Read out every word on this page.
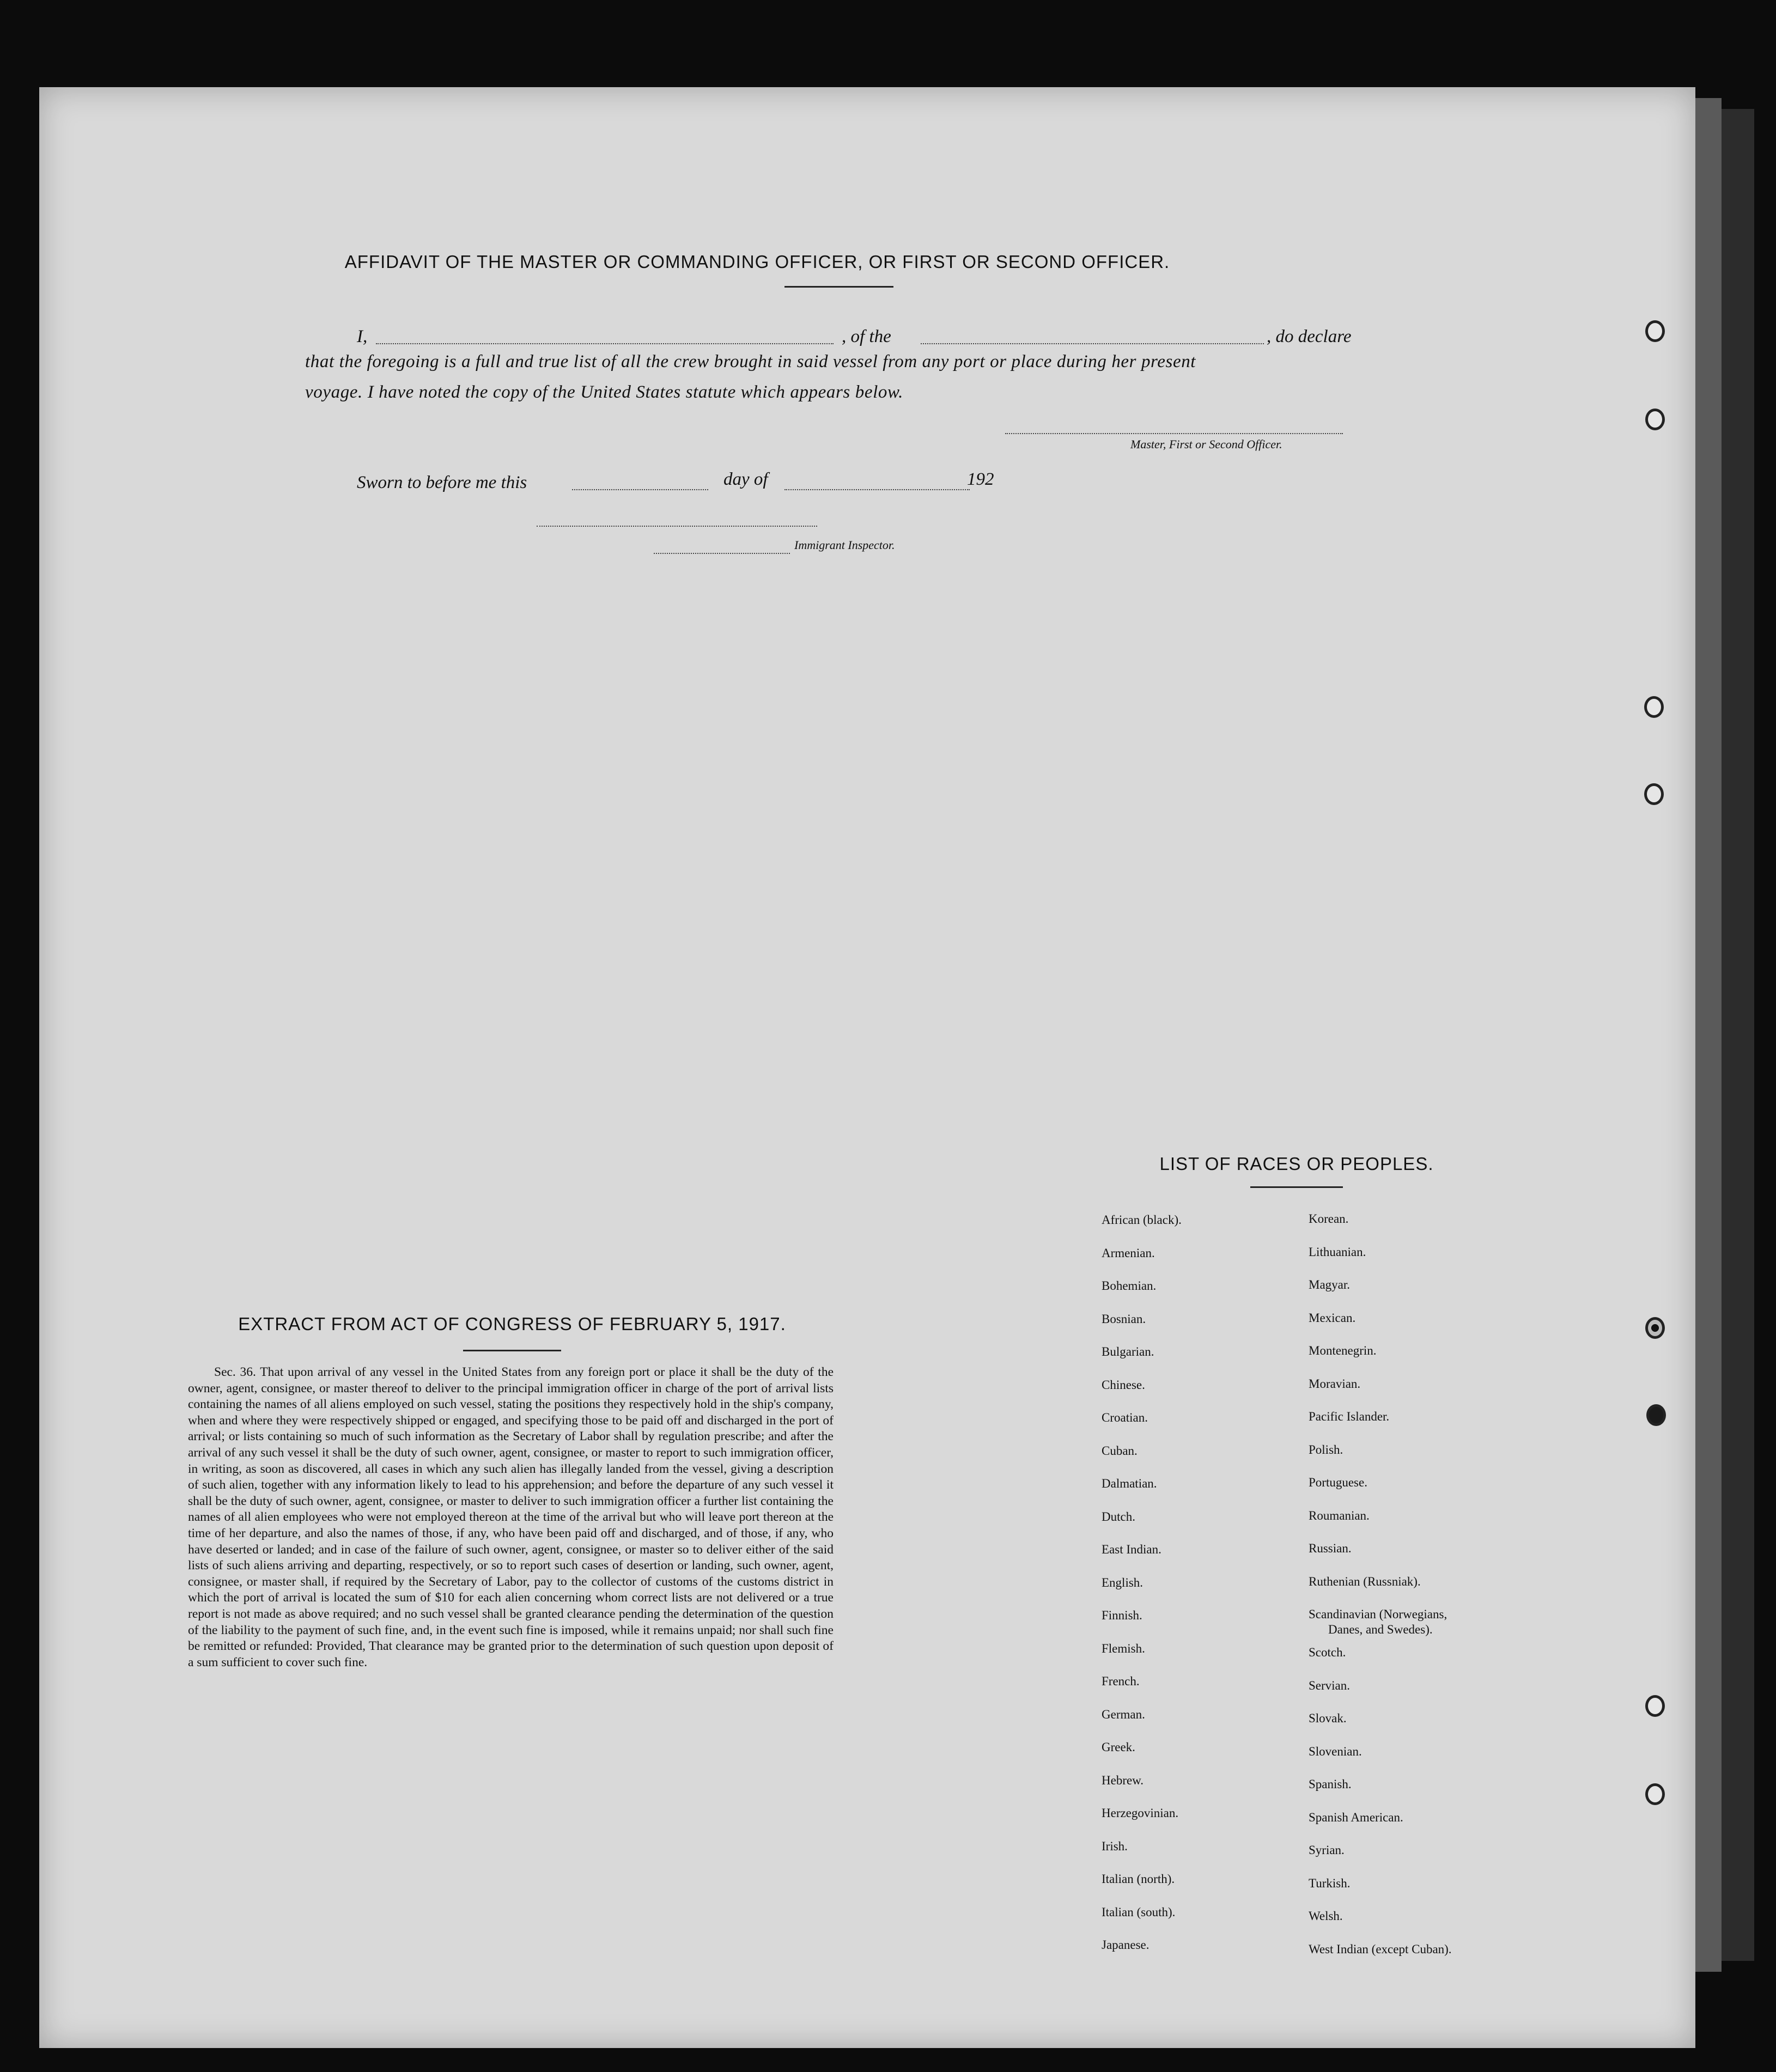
AFFIDAVIT OF THE MASTER OR COMMANDING OFFICER, OR FIRST OR SECOND OFFICER.
I,	, of the	, do declare
that the foregoing is a full and true list of all the crew brought in said vessel from any port or place during her present
voyage. I have noted the copy of the United States statute which appears below.
Master, First or Second Officer.
Sworn to before me this	day of	192
Immigrant Inspector.
EXTRACT FROM ACT OF CONGRESS OF FEBRUARY 5, 1917.

Sec. 36. That upon arrival of any vessel in the United States from any foreign port or place it shall be the duty of the owner, agent, consignee, or master thereof to deliver to the principal immigration officer in charge of the port of arrival lists containing the names of all aliens employed on such vessel, stating the positions they respectively hold in the ship's company, when and where they were respectively shipped or engaged, and specifying those to be paid off and discharged in the port of arrival; or lists containing so much of such information as the Secretary of Labor shall by regulation prescribe; and after the arrival of any such vessel it shall be the duty of such owner, agent, consignee, or master to report to such immigration officer, in writing, as soon as discovered, all cases in which any such alien has illegally landed from the vessel, giving a description of such alien, together with any information likely to lead to his apprehension; and before the departure of any such vessel it shall be the duty of such owner, agent, consignee, or master to deliver to such immigration officer a further list containing the names of all alien employees who were not employed thereon at the time of the arrival but who will leave port thereon at the time of her departure, and also the names of those, if any, who have been paid off and discharged, and of those, if any, who have deserted or landed; and in case of the failure of such owner, agent, consignee, or master so to deliver either of the said lists of such aliens arriving and departing, respectively, or so to report such cases of desertion or landing, such owner, agent, consignee, or master shall, if required by the Secretary of Labor, pay to the collector of customs of the customs district in which the port of arrival is located the sum of $10 for each alien concerning whom correct lists are not delivered or a true report is not made as above required; and no such vessel shall be granted clearance pending the determination of the question of the liability to the payment of such fine, and, in the event such fine is imposed, while it remains unpaid; nor shall such fine be remitted or refunded: Provided, That clearance may be granted prior to the determination of such question upon deposit of a sum sufficient to cover such fine.

LIST OF RACES OR PEOPLES.
African (black).
Armenian.
Bohemian.
Bosnian.
Bulgarian.
Chinese.
Croatian.
Cuban.
Dalmatian.
Dutch.
East Indian.
English.
Finnish.
Flemish.
French.
German.
Greek.
Hebrew.
Herzegovinian.
Irish.
Italian (north).
Italian (south).
Japanese.
Korean.
Lithuanian.
Magyar.
Mexican.
Montenegrin.
Moravian.
Pacific Islander.
Polish.
Portuguese.
Roumanian.
Russian.
Ruthenian (Russniak).
Scandinavian (Norwegians,
Danes, and Swedes).
Scotch.
Servian.
Slovak.
Slovenian.
Spanish.
Spanish American.
Syrian.
Turkish.
Welsh.
West Indian (except Cuban).
